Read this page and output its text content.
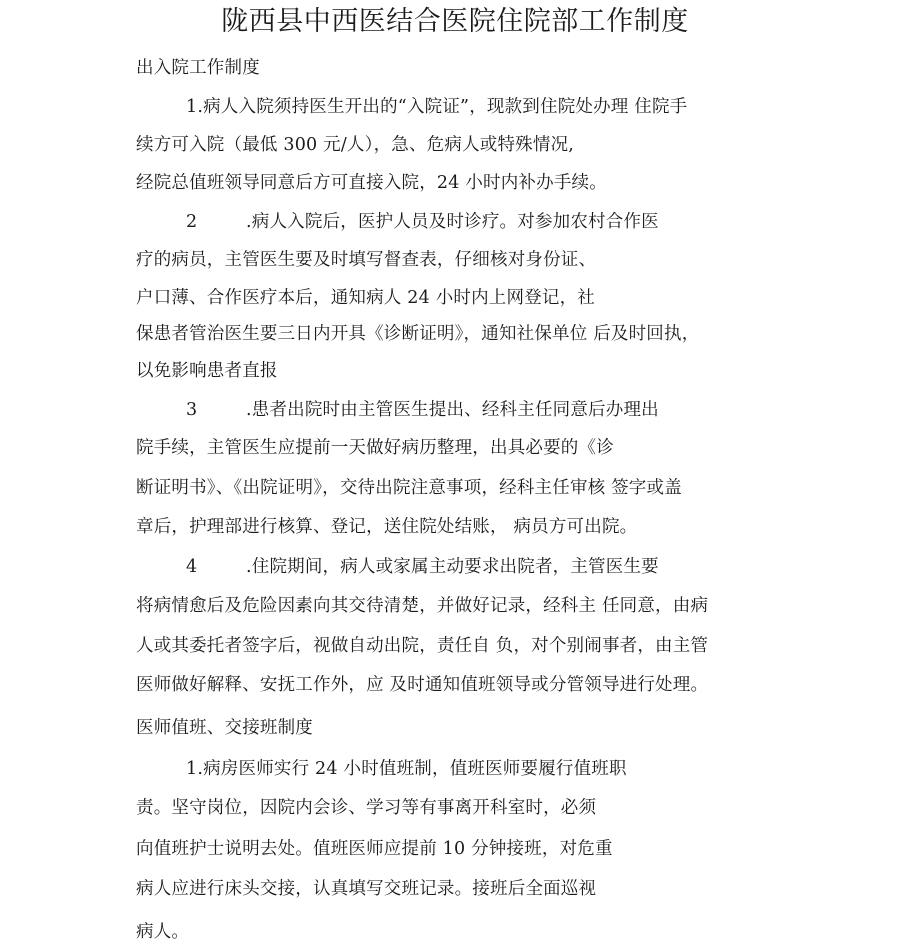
陇西县中西医结合医院住院部工作制度
出入院工作制度
1.病人入院须持医生开出的“入院证”，现款到住院处办理 住院手
续方可入院（最低 300 元/人），急、危病人或特殊情况,
经院总值班领导同意后方可直接入院，24 小时内补办手续。
2	.病人入院后，医护人员及时诊疗。对参加农村合作医
疗的病员，主管医生要及时填写督查表，仔细核对身份证、
户口薄、合作医疗本后，通知病人 24 小时内上网登记，社
保患者管治医生要三日内开具《诊断证明》，通知社保单位 后及时回执，
以免影响患者直报
3	.患者出院时由主管医生提出、经科主任同意后办理出
院手续，主管医生应提前一天做好病历整理，出具必要的《诊
断证明书》、《出院证明》，交待出院注意事项，经科主任审核 签字或盖
章后，护理部进行核算、登记，送住院处结账， 病员方可出院。
4	.住院期间，病人或家属主动要求出院者，主管医生要
将病情愈后及危险因素向其交待清楚，并做好记录，经科主 任同意，由病
人或其委托者签字后，视做自动出院，责任自 负，对个别闹事者，由主管
医师做好解释、安抚工作外，应 及时通知值班领导或分管领导进行处理。
医师值班、交接班制度
1.病房医师实行 24 小时值班制，值班医师要履行值班职
责。坚守岗位，因院内会诊、学习等有事离开科室时，必须
向值班护士说明去处。值班医师应提前 10 分钟接班，对危重
病人应进行床头交接，认真填写交班记录。接班后全面巡视
病人。
